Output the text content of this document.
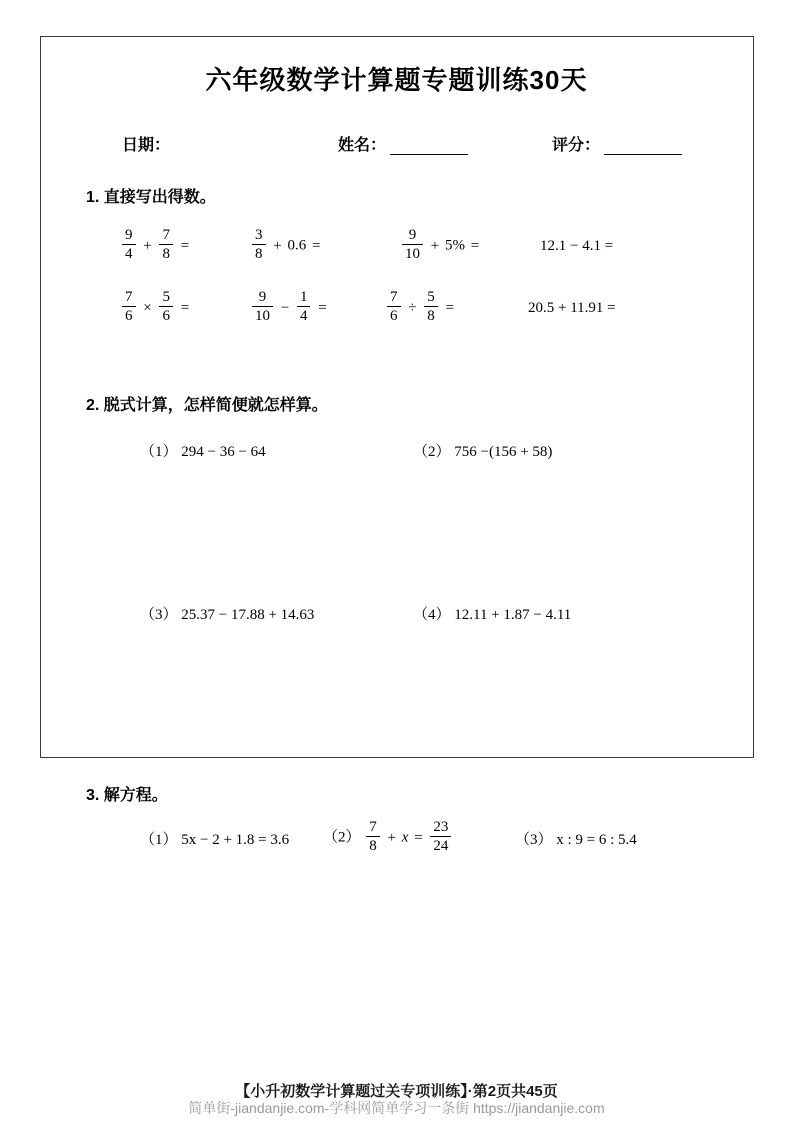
六年级数学计算题专题训练30天
日期：	姓名：	评分：
1. 直接写出得数。
$\frac{9}{4} + \frac{7}{8}$ =	$\frac{3}{8} + 0.6$ =	$\frac{9}{10} + 5\%$ =	12.1 − 4.1 =
$\frac{7}{6} \times \frac{5}{6}$ =	$\frac{9}{10} - \frac{1}{4}$ =	$\frac{7}{6} \div \frac{5}{8}$ =	20.5 + 11.91 =
2. 脱式计算，怎样简便就怎样算。
（1） 294 − 36 − 64	（2） 756 −(156 + 58)
（3） 25.37 − 17.88 + 14.63	（4） 12.11 + 1.87 − 4.11
3. 解方程。
（1） 5x − 2 + 1.8 = 3.6 $(2) \frac{7}{8} + x = \frac{23}{24}$	（3） x : 9 = 6 : 5.4
【小升初数学计算题过关专项训练】·第2页共45页
简单街-jiandanjie.com-学科网简单学习一条街 https://jiandanjie.com
